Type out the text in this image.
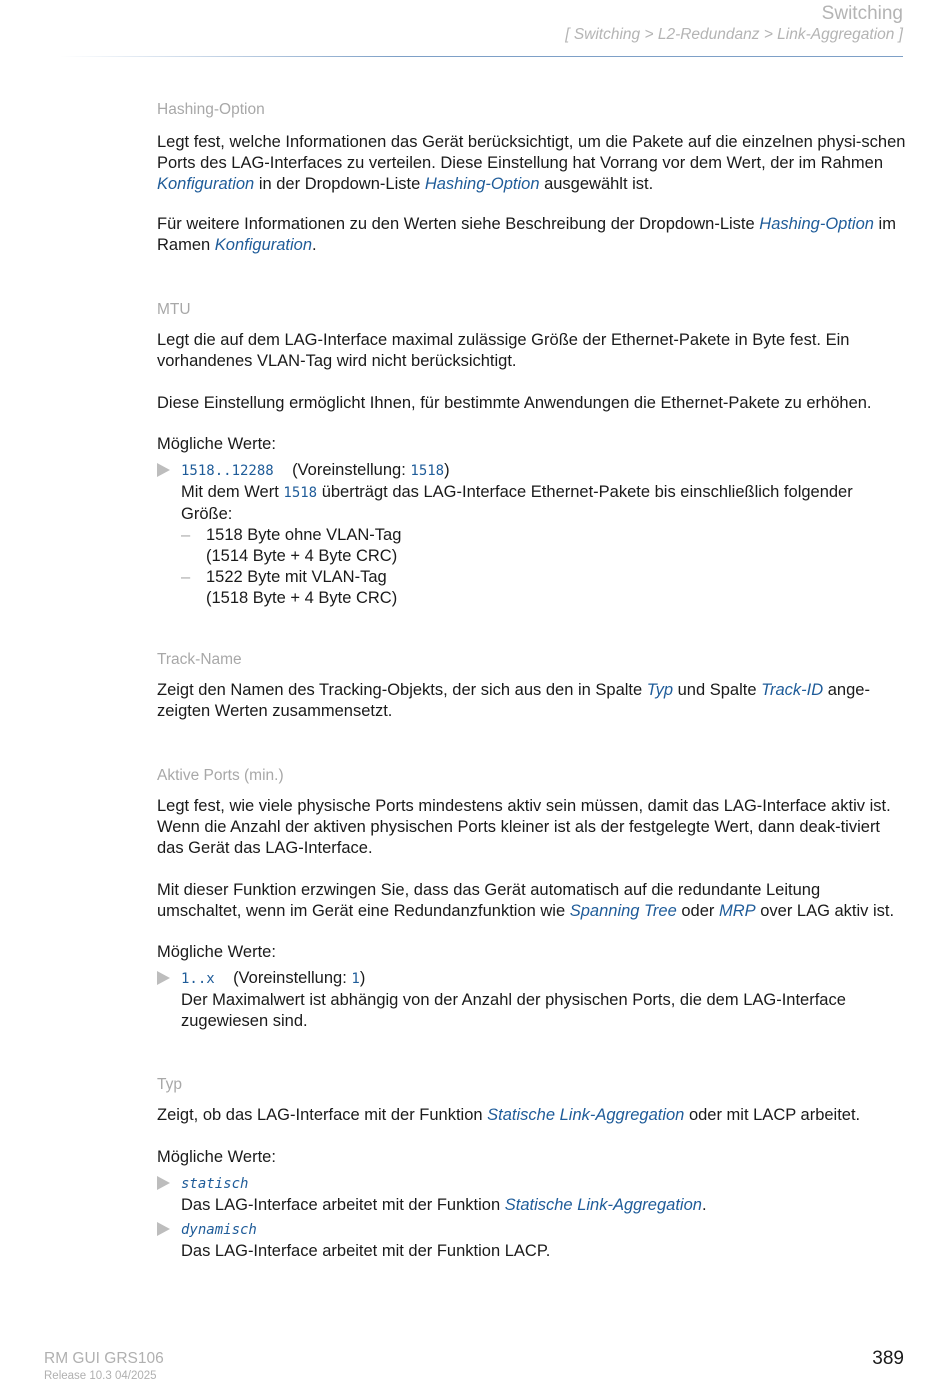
Switching
[ Switching > L2-Redundanz > Link-Aggregation ]
Hashing-Option

Legt fest, welche Informationen das Gerät berücksichtigt, um die Pakete auf die einzelnen physi-schen Ports des LAG-Interfaces zu verteilen. Diese Einstellung hat Vorrang vor dem Wert, der im Rahmen Konfiguration in der Dropdown-Liste Hashing-Option ausgewählt ist.

Für weitere Informationen zu den Werten siehe Beschreibung der Dropdown-Liste Hashing-Option im Ramen Konfiguration.

MTU
Legt die auf dem LAG-Interface maximal zulässige Größe der Ethernet-Pakete in Byte fest. Ein vorhandenes VLAN-Tag wird nicht berücksichtigt.
Diese Einstellung ermöglicht Ihnen, für bestimmte Anwendungen die Ethernet-Pakete zu erhöhen.
Mögliche Werte:
1518..12288 (Voreinstellung: 1518)
Mit dem Wert 1518 überträgt das LAG-Interface Ethernet-Pakete bis einschließlich folgender Größe:
– 1518 Byte ohne VLAN-Tag
(1514 Byte + 4 Byte CRC)
– 1522 Byte mit VLAN-Tag
(1518 Byte + 4 Byte CRC)
Track-Name

Zeigt den Namen des Tracking-Objekts, der sich aus den in Spalte Typ und Spalte Track-ID ange-zeigten Werten zusammensetzt.

Aktive Ports (min.)
Legt fest, wie viele physische Ports mindestens aktiv sein müssen, damit das LAG-Interface aktiv ist. Wenn die Anzahl der aktiven physischen Ports kleiner ist als der festgelegte Wert, dann deak-tiviert das Gerät das LAG-Interface.

Mit dieser Funktion erzwingen Sie, dass das Gerät automatisch auf die redundante Leitung umschaltet, wenn im Gerät eine Redundanzfunktion wie Spanning Tree oder MRP over LAG aktiv ist.

Mögliche Werte:
1..x (Voreinstellung: 1)
Der Maximalwert ist abhängig von der Anzahl der physischen Ports, die dem LAG-Interface zugewiesen sind.
Typ

Zeigt, ob das LAG-Interface mit der Funktion Statische Link-Aggregation oder mit LACP arbeitet.

Mögliche Werte:
statisch
Das LAG-Interface arbeitet mit der Funktion Statische Link-Aggregation.
dynamisch
Das LAG-Interface arbeitet mit der Funktion LACP.
RM GUI GRS106
Release 10.3 04/2025
389
